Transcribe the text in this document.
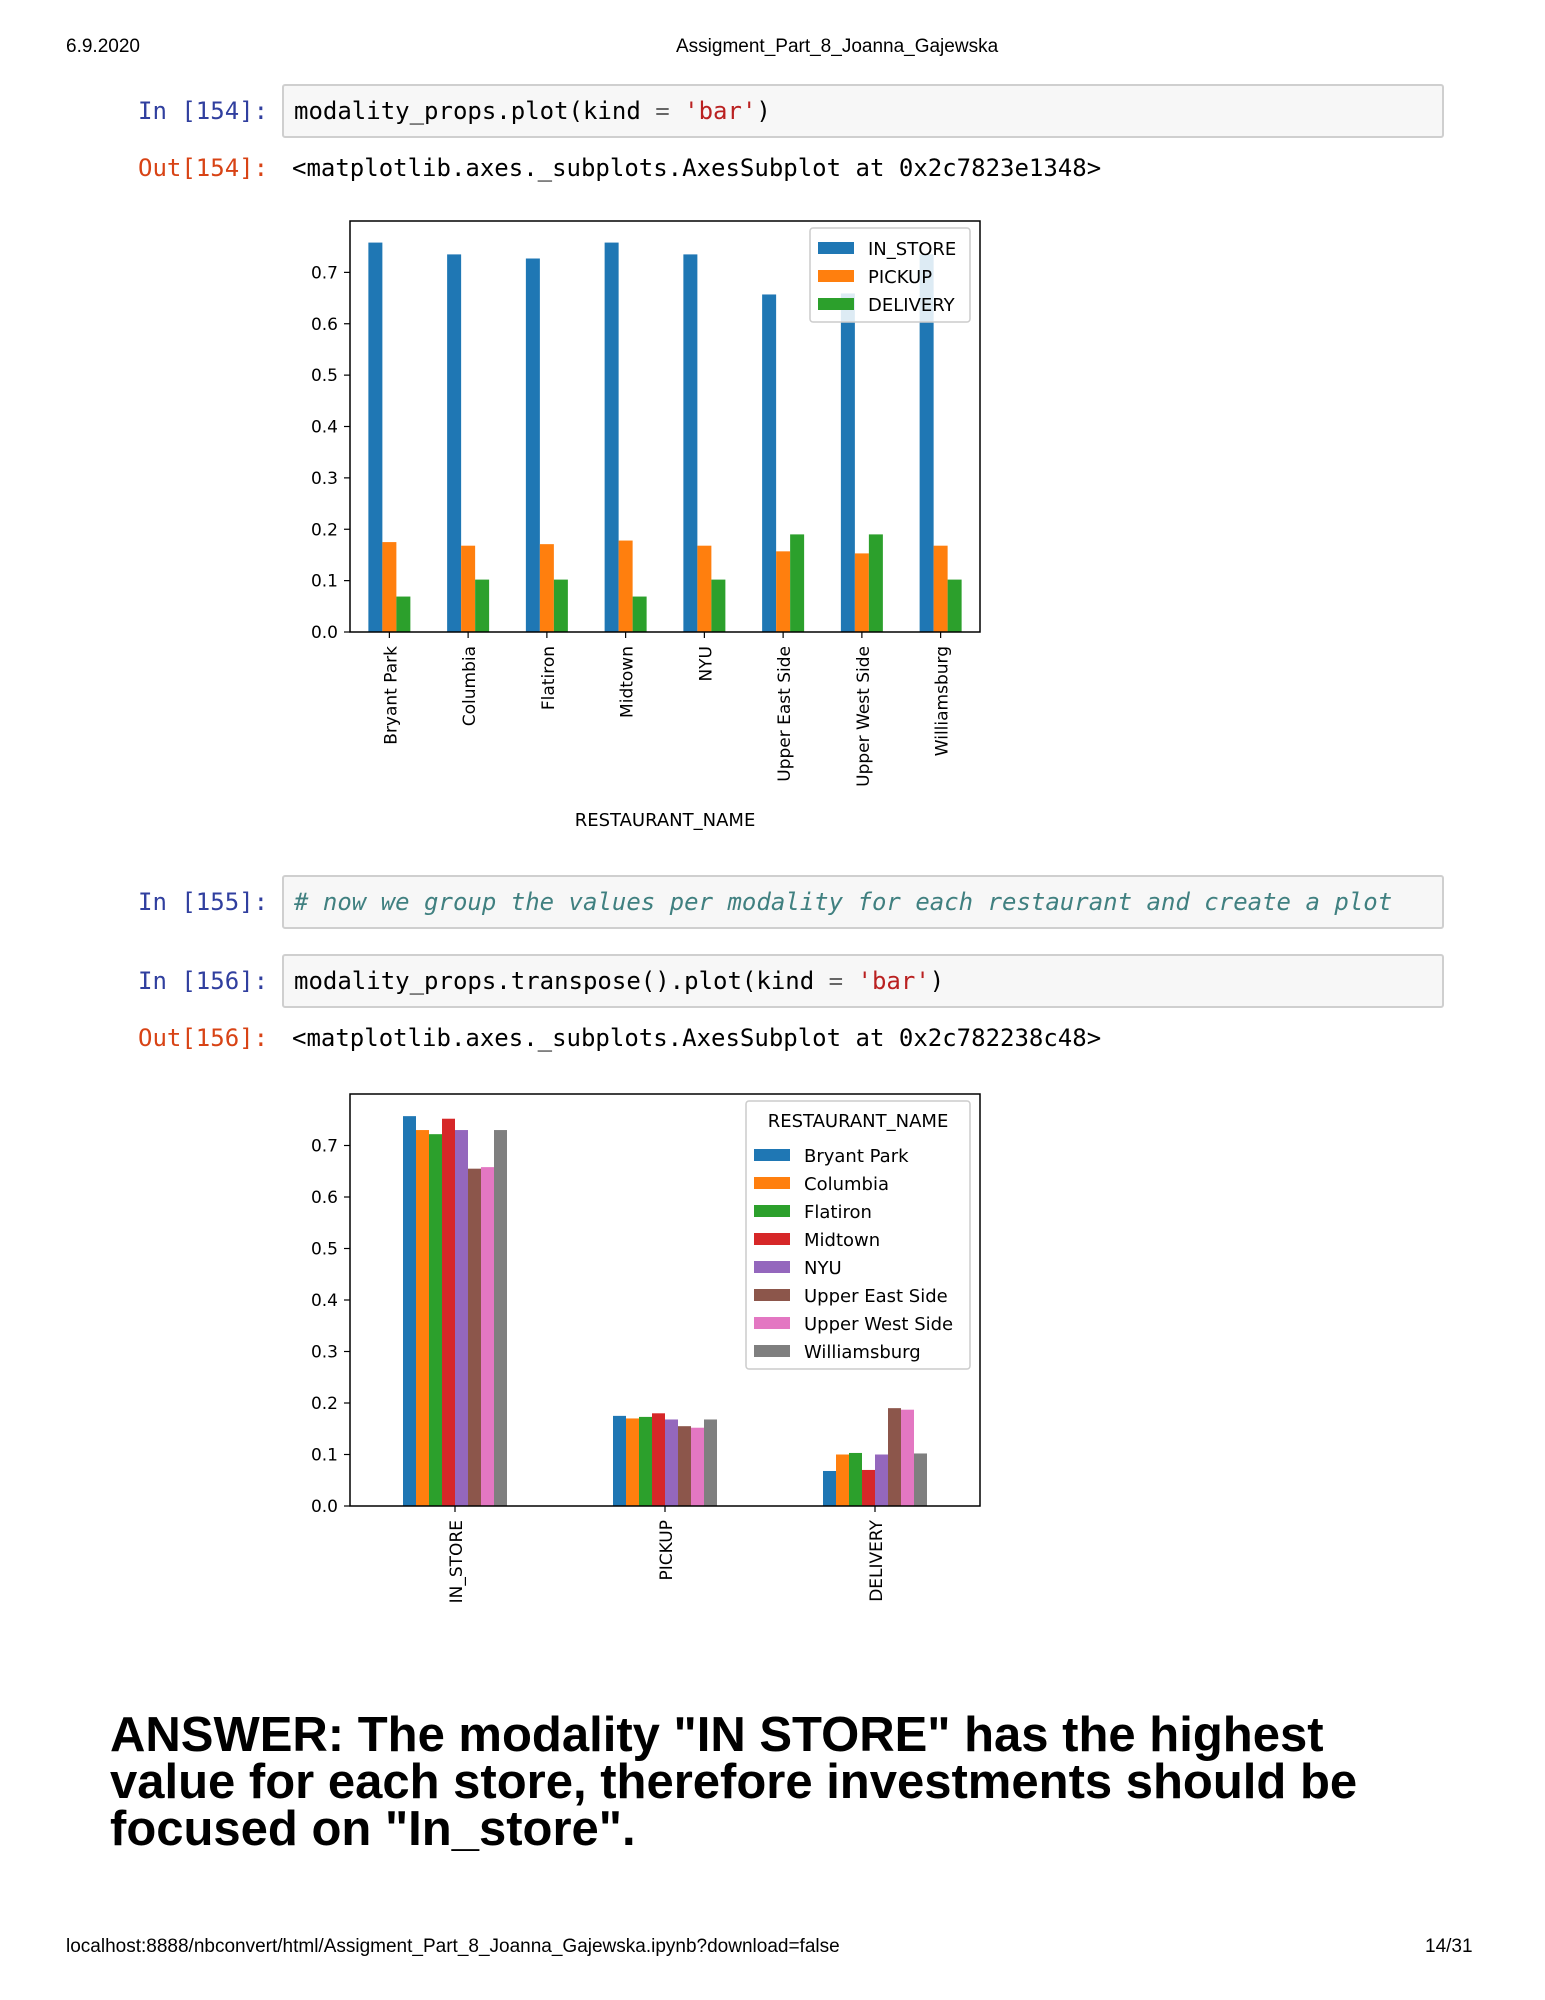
6.9.2020	Assigment_Part_8_Joanna_Gajewska
In [154]:	modality_props.plot(kind = 'bar')
Out[154]: <matplotlib.axes._subplots.AxesSubplot at 0x2c7823e1348>
0.0
0.1
0.2
0.3
0.4
0.5
0.6
0.7
Bryant Park	Columbia	Flatiron	Midtown	NYU	Upper East Side	Upper West Side	Williamsburg
RESTAURANT_NAME
IN_STORE
PICKUP
DELIVERY
0.0
0.1
0.2
0.3
0.4
0.5
0.6
0.7
IN_STORE	PICKUP	DELIVERY
RESTAURANT_NAME
Bryant Park
Columbia
Flatiron
Midtown
NYU
Upper East Side
Upper West Side
Williamsburg
In [155]:	# now we group the values per modality for each restaurant and create a plot
In [156]:	modality_props.transpose().plot(kind = 'bar')
Out[156]: <matplotlib.axes._subplots.AxesSubplot at 0x2c782238c48>
ANSWER: The modality "IN STORE" has the highest value for each store, therefore investments should be focused on "In_store".
localhost:8888/nbconvert/html/Assigment_Part_8_Joanna_Gajewska.ipynb?download=false	14/31
